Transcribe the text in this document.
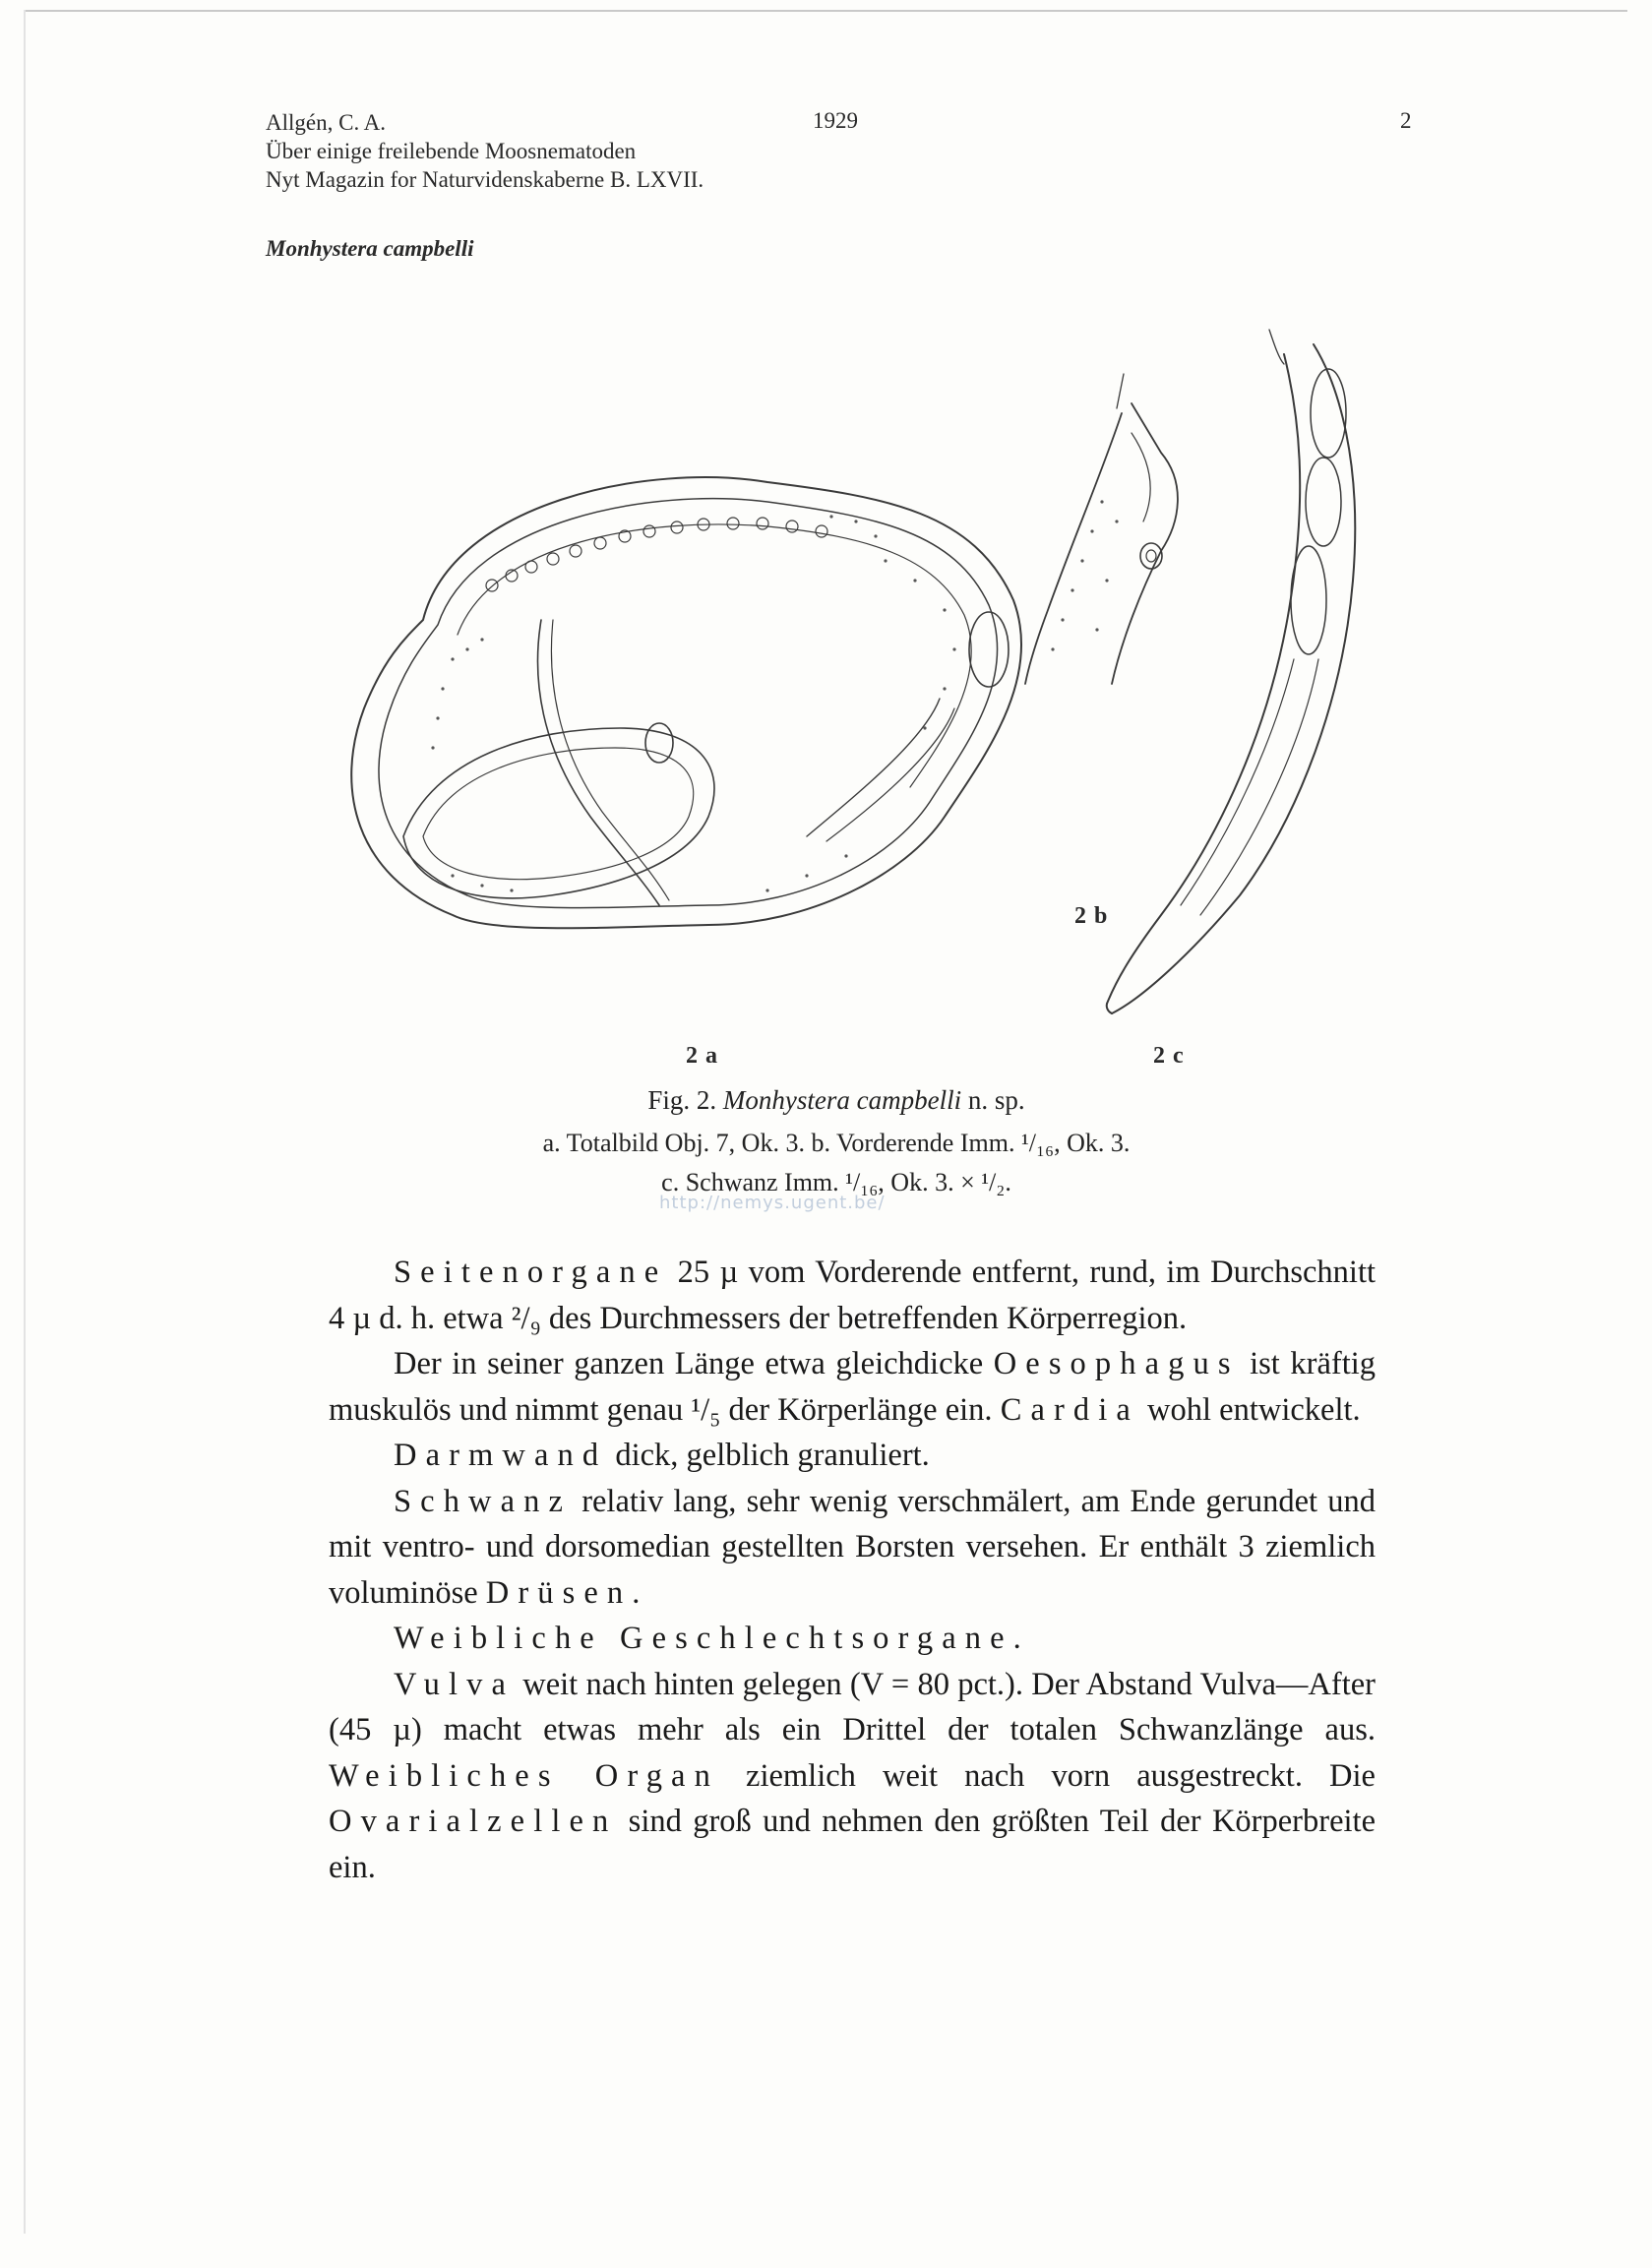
Allgén, C. A.
Über einige freilebende Moosnematoden
Nyt Magazin for Naturvidenskaberne B. LXVII.
1929	2
Monhystera campbelli
2 a
2 b
2 c
Fig. 2. Monhystera campbelli n. sp.
a. Totalbild Obj. 7, Ok. 3. b. Vorderende Imm. ¹/₁₆, Ok. 3.
c. Schwanz Imm. ¹/₁₆, Ok. 3. × ¹/₂.
http://nemys.ugent.be/

Seitenorgane 25 µ vom Vorderende entfernt, rund, im Durchschnitt 4 µ d. h. etwa ²/₉ des Durchmessers der betreffenden Körperregion.

Der in seiner ganzen Länge etwa gleichdicke Oesophagus ist kräftig muskulös und nimmt genau ¹/₅ der Körperlänge ein. Cardia wohl entwickelt.

Darmwand dick, gelblich granuliert.

Schwanz relativ lang, sehr wenig verschmälert, am Ende gerundet und mit ventro- und dorsomedian gestellten Borsten versehen. Er enthält 3 ziemlich voluminöse Drüsen.

Weibliche Geschlechtsorgane.

Vulva weit nach hinten gelegen (V = 80 pct.). Der Abstand Vulva—After (45 µ) macht etwas mehr als ein Drittel der totalen Schwanzlänge aus. Weibliches Organ ziemlich weit nach vorn ausgestreckt. Die Ovarialzellen sind groß und nehmen den größten Teil der Körperbreite ein.
